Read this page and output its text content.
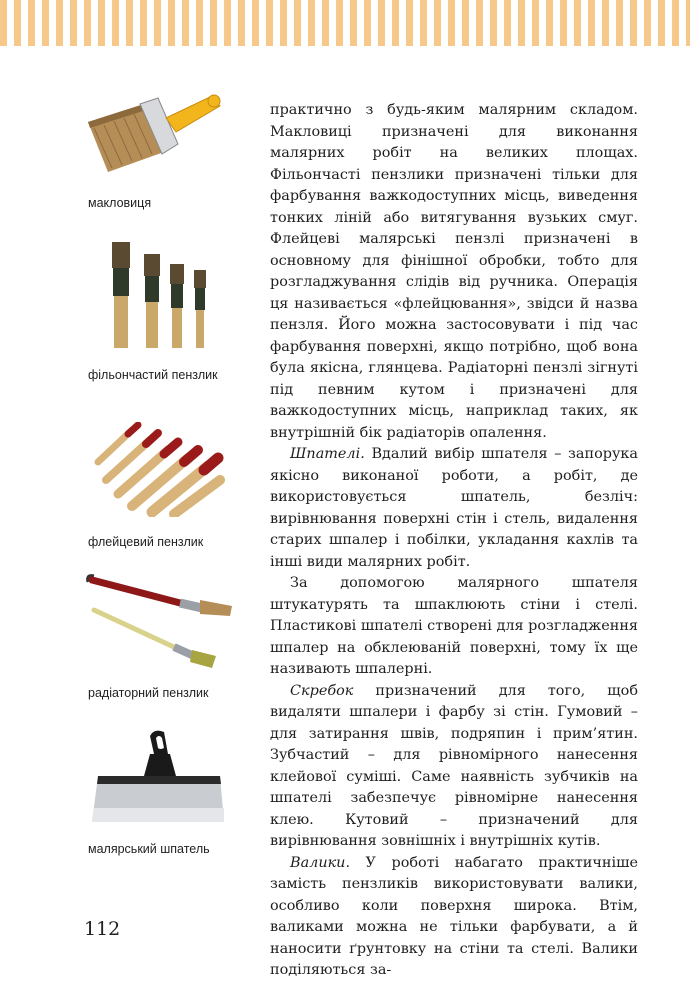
макловиця
фільончастий пензлик
флейцевий пензлик
радіаторний пензлик
малярський шпатель

практично з будь-яким малярним складом. Макловиці призначені для виконання малярних робіт на великих площах. Фільончасті пензлики призначені тільки для фарбування важкодоступних місць, виведення тонких ліній або витягування вузьких смуг. Флейцеві малярські пензлі призначені в основному для фінішної обробки, тобто для розгладжування слідів від ручника. Операція ця називається «флейцювання», звідси й назва пензля. Його можна застосовувати і під час фарбування поверхні, якщо потрібно, щоб вона була якісна, глянцева. Радіаторні пензлі зігнуті під певним кутом і призначені для важкодоступних місць, наприклад таких, як внутрішній бік радіаторів опалення.

Шпателі. Вдалий вибір шпателя – запорука якісно виконаної роботи, а робіт, де використовується шпатель, безліч: вирівнювання поверхні стін і стель, видалення старих шпалер і побілки, укладання кахлів та інші види малярних робіт.

За допомогою малярного шпателя штукатурять та шпаклюють стіни і стелі. Пластикові шпателі створені для розгладження шпалер на обклеюваній поверхні, тому їх ще називають шпалерні.

Скребок призначений для того, щоб видаляти шпалери і фарбу зі стін. Гумовий – для затирання швів, подряпин і прим’ятин. Зубчастий – для рівномірного нанесення клейової суміші. Саме наявність зубчиків на шпателі забезпечує рівномірне нанесення клею. Кутовий – призначений для вирівнювання зовнішніх і внутрішніх кутів.

Валики. У роботі набагато практичніше замість пензликів використовувати валики, особливо коли поверхня широка. Втім, валиками можна не тільки фарбувати, а й наносити ґрунтовку на стіни та стелі. Валики поділяються за-

112
